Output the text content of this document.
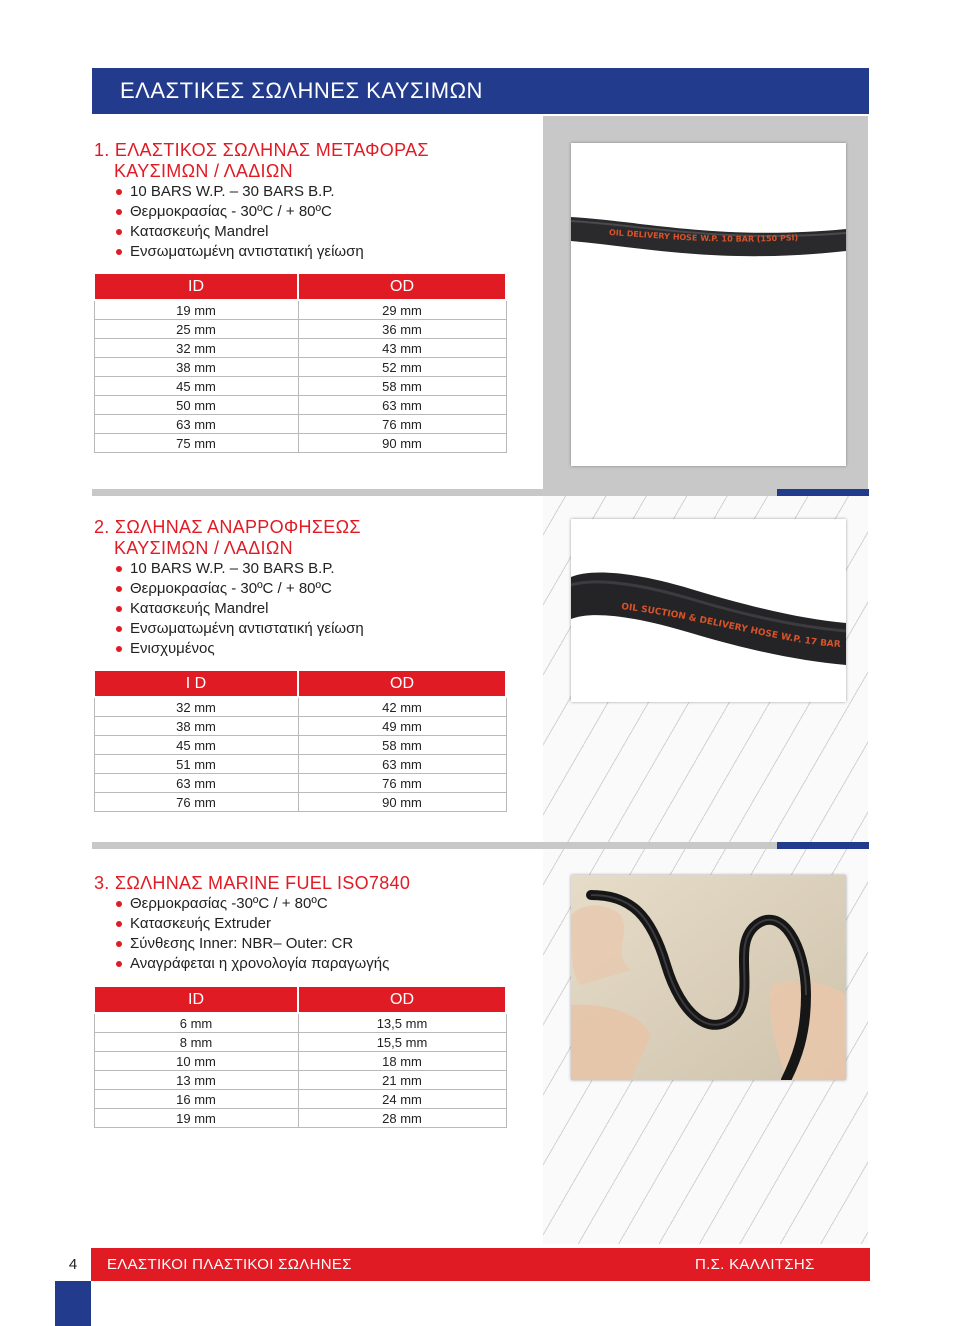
ΕΛΑΣΤΙΚΕΣ ΣΩΛΗΝΕΣ ΚΑΥΣΙΜΩΝ
1. ΕΛΑΣΤΙΚΟΣ ΣΩΛΗΝΑΣ ΜΕΤΑΦΟΡΑΣ
ΚΑΥΣΙΜΩΝ / ΛΑΔΙΩΝ
10 BARS W.P. – 30 BARS B.P.
Θερμοκρασίας - 30ºC / + 80ºC
Κατασκευής Mandrel
Ενσωματωμένη αντιστατική γείωση
ID	OD
19 mm	29 mm
25 mm	36 mm
32 mm	43 mm
38 mm	52 mm
45 mm	58 mm
50 mm	63 mm
63 mm	76 mm
75 mm	90 mm
OIL DELIVERY HOSE W.P. 10 BAR (150 PSI)
2. ΣΩΛΗΝΑΣ ΑΝΑΡΡΟΦΗΣΕΩΣ
ΚΑΥΣΙΜΩΝ / ΛΑΔΙΩΝ
10 BARS W.P. – 30 BARS B.P.
Θερμοκρασίας - 30ºC / + 80ºC
Κατασκευής Mandrel
Ενσωματωμένη αντιστατική γείωση
Ενισχυμένος
I D	OD
32 mm	42 mm
38 mm	49 mm
45 mm	58 mm
51 mm	63 mm
63 mm	76 mm
76 mm	90 mm
OIL SUCTION & DELIVERY HOSE W.P. 17 BAR
3. ΣΩΛΗΝΑΣ MARINE FUEL ISO7840
Θερμοκρασίας -30ºC / + 80ºC
Κατασκευής Extruder
Σύνθεσης Inner: NBR– Outer: CR
Αναγράφεται η χρονολογία παραγωγής
ID	OD
6 mm	13,5 mm
8 mm	15,5 mm
10 mm	18 mm
13 mm	21 mm
16 mm	24 mm
19 mm	28 mm
4	ΕΛΑΣΤΙΚΟΙ ΠΛΑΣΤΙΚΟΙ ΣΩΛΗΝΕΣ	Π.Σ. ΚΑΛΛΙΤΣΗΣ
